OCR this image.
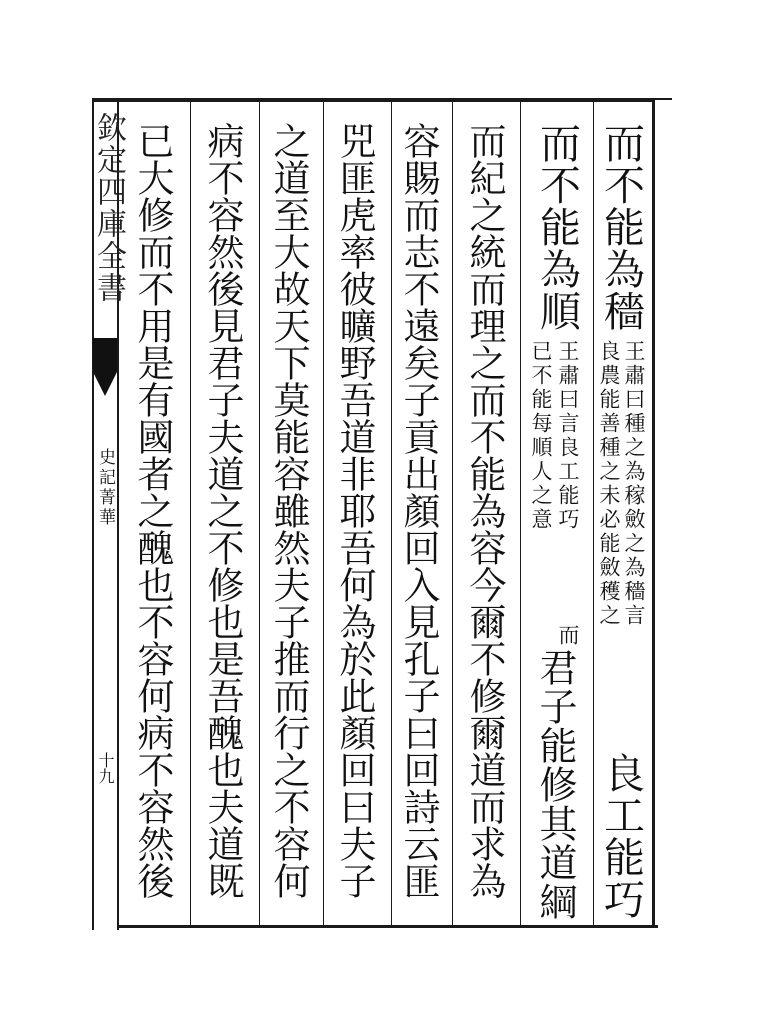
欽定四庫全書
史記菁華
十九
而不能為穡
王肅曰種之為稼斂之為穡言
良農能善種之未必能斂穫之
良工能巧
而不能為順
王肅曰言良工能巧
已不能每順人之意
而
君子能修其道綱
而紀之統而理之而不能為容今爾不修爾道而求為
容賜而志不遠矣子貢出顏回入見孔子曰回詩云匪
兕匪虎率彼曠野吾道非耶吾何為於此顏回曰夫子
之道至大故天下莫能容雖然夫子推而行之不容何
病不容然後見君子夫道之不修也是吾醜也夫道既
已大修而不用是有國者之醜也不容何病不容然後
